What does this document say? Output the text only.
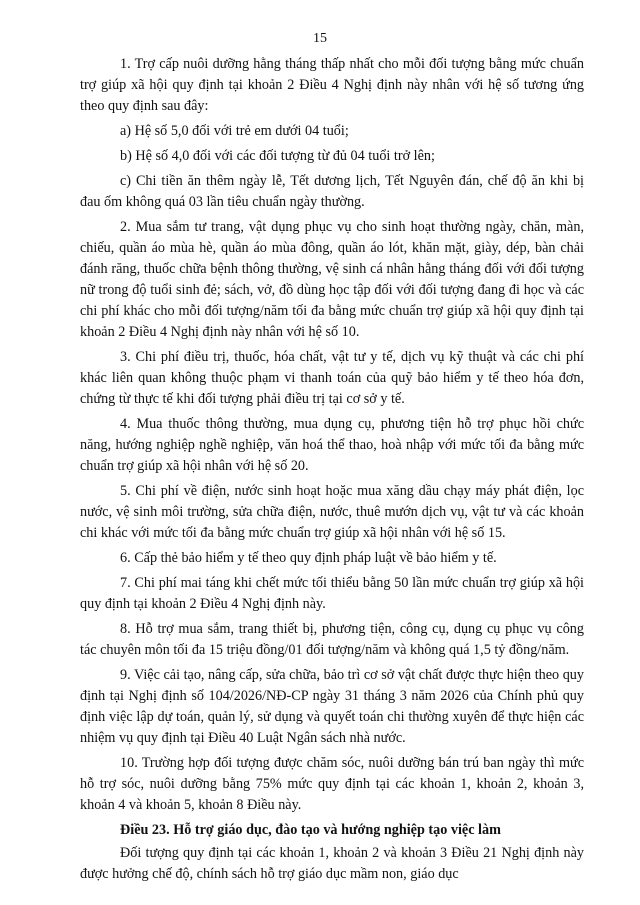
15

1. Trợ cấp nuôi dưỡng hằng tháng thấp nhất cho mỗi đối tượng bằng mức chuẩn trợ giúp xã hội quy định tại khoản 2 Điều 4 Nghị định này nhân với hệ số tương ứng theo quy định sau đây:

a) Hệ số 5,0 đối với trẻ em dưới 04 tuổi;

b) Hệ số 4,0 đối với các đối tượng từ đủ 04 tuổi trở lên;

c) Chi tiền ăn thêm ngày lễ, Tết dương lịch, Tết Nguyên đán, chế độ ăn khi bị đau ốm không quá 03 lần tiêu chuẩn ngày thường.

2. Mua sắm tư trang, vật dụng phục vụ cho sinh hoạt thường ngày, chăn, màn, chiếu, quần áo mùa hè, quần áo mùa đông, quần áo lót, khăn mặt, giày, dép, bàn chải đánh răng, thuốc chữa bệnh thông thường, vệ sinh cá nhân hằng tháng đối với đối tượng nữ trong độ tuổi sinh đẻ; sách, vở, đồ dùng học tập đối với đối tượng đang đi học và các chi phí khác cho mỗi đối tượng/năm tối đa bằng mức chuẩn trợ giúp xã hội quy định tại khoản 2 Điều 4 Nghị định này nhân với hệ số 10.

3. Chi phí điều trị, thuốc, hóa chất, vật tư y tế, dịch vụ kỹ thuật và các chi phí khác liên quan không thuộc phạm vi thanh toán của quỹ bảo hiểm y tế theo hóa đơn, chứng từ thực tế khi đối tượng phải điều trị tại cơ sở y tế.

4. Mua thuốc thông thường, mua dụng cụ, phương tiện hỗ trợ phục hồi chức năng, hướng nghiệp nghề nghiệp, văn hoá thể thao, hoà nhập với mức tối đa bằng mức chuẩn trợ giúp xã hội nhân với hệ số 20.

5. Chi phí về điện, nước sinh hoạt hoặc mua xăng dầu chạy máy phát điện, lọc nước, vệ sinh môi trường, sửa chữa điện, nước, thuê mướn dịch vụ, vật tư và các khoản chi khác với mức tối đa bằng mức chuẩn trợ giúp xã hội nhân với hệ số 15.

6. Cấp thẻ bảo hiểm y tế theo quy định pháp luật về bảo hiểm y tế.

7. Chi phí mai táng khi chết mức tối thiểu bằng 50 lần mức chuẩn trợ giúp xã hội quy định tại khoản 2 Điều 4 Nghị định này.

8. Hỗ trợ mua sắm, trang thiết bị, phương tiện, công cụ, dụng cụ phục vụ công tác chuyên môn tối đa 15 triệu đồng/01 đối tượng/năm và không quá 1,5 tỷ đồng/năm.

9. Việc cải tạo, nâng cấp, sửa chữa, bảo trì cơ sở vật chất được thực hiện theo quy định tại Nghị định số 104/2026/NĐ-CP ngày 31 tháng 3 năm 2026 của Chính phủ quy định việc lập dự toán, quản lý, sử dụng và quyết toán chi thường xuyên để thực hiện các nhiệm vụ quy định tại Điều 40 Luật Ngân sách nhà nước.

10. Trường hợp đối tượng được chăm sóc, nuôi dưỡng bán trú ban ngày thì mức hỗ trợ sóc, nuôi dưỡng bằng 75% mức quy định tại các khoản 1, khoản 2, khoản 3, khoản 4 và khoản 5, khoản 8 Điều này.

Điều 23. Hỗ trợ giáo dục, đào tạo và hướng nghiệp tạo việc làm

Đối tượng quy định tại các khoản 1, khoản 2 và khoản 3 Điều 21 Nghị định này được hưởng chế độ, chính sách hỗ trợ giáo dục mầm non, giáo dục
